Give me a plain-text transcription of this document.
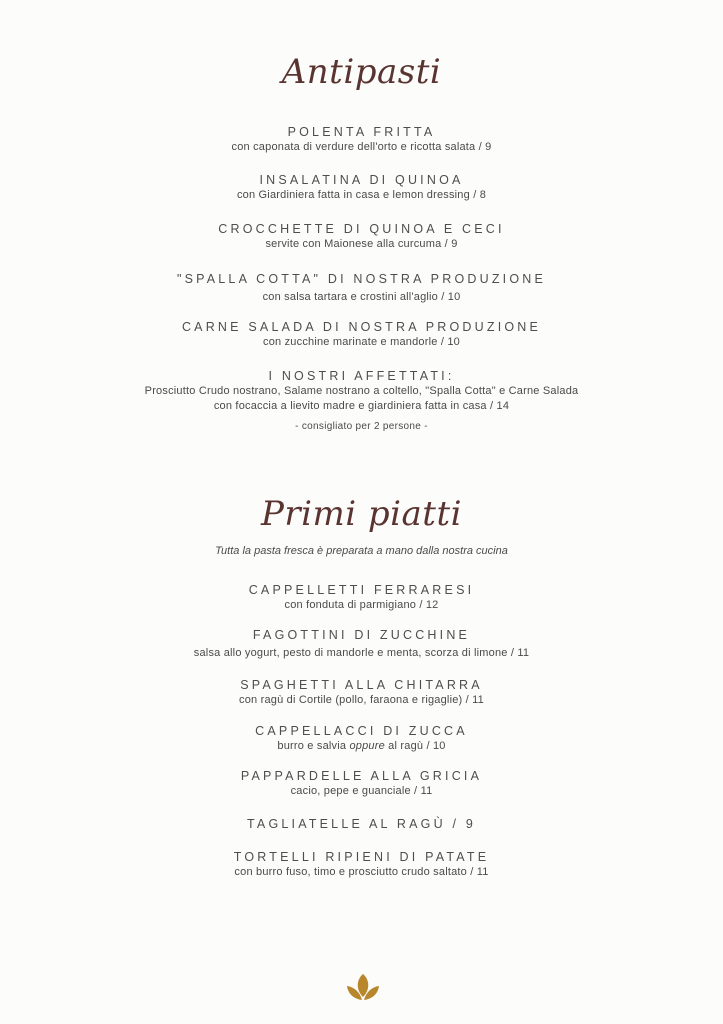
Antipasti
POLENTA FRITTA
con caponata di verdure dell'orto e ricotta salata / 9
INSALATINA DI QUINOA
con Giardiniera fatta in casa e lemon dressing / 8
CROCCHETTE DI QUINOA E CECI
servite con Maionese alla curcuma / 9
"SPALLA COTTA" DI NOSTRA PRODUZIONE
con salsa tartara e crostini all'aglio / 10
CARNE SALADA DI NOSTRA PRODUZIONE
con zucchine marinate e mandorle / 10
I NOSTRI AFFETTATI:
Prosciutto Crudo nostrano, Salame nostrano a coltello, "Spalla Cotta" e Carne Salada
con focaccia a lievito madre e giardiniera fatta in casa / 14
- consigliato per 2 persone -
Primi piatti
Tutta la pasta fresca è preparata a mano dalla nostra cucina
CAPPELLETTI FERRARESI
con fonduta di parmigiano / 12
FAGOTTINI DI ZUCCHINE
salsa allo yogurt, pesto di mandorle e menta, scorza di limone / 11
SPAGHETTI ALLA CHITARRA
con ragù di Cortile (pollo, faraona e rigaglie) / 11
CAPPELLACCI DI ZUCCA
burro e salvia oppure al ragù / 10
PAPPARDELLE ALLA GRICIA
cacio, pepe e guanciale / 11
TAGLIATELLE AL RAGÙ / 9
TORTELLI RIPIENI DI PATATE
con burro fuso, timo e prosciutto crudo saltato / 11
